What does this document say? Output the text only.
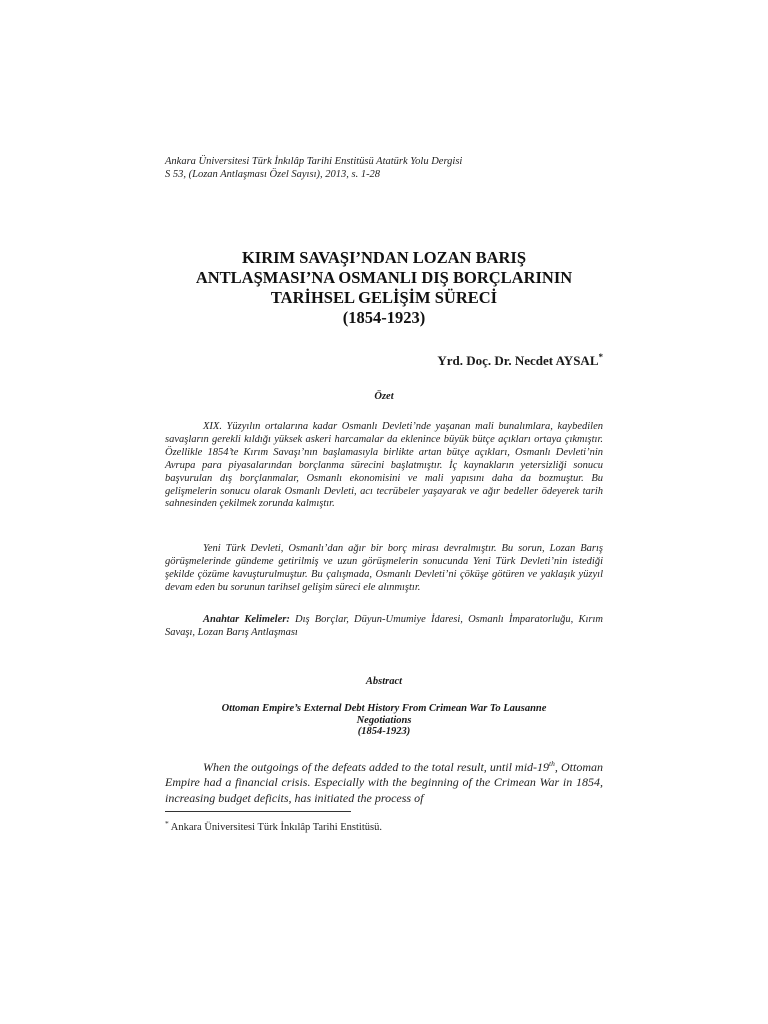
Ankara Üniversitesi Türk İnkılâp Tarihi Enstitüsü Atatürk Yolu Dergisi
S 53, (Lozan Antlaşması Özel Sayısı), 2013, s. 1-28
KIRIM SAVAŞI’NDAN LOZAN BARIŞ
ANTLAŞMASI’NA OSMANLI DIŞ BORÇLARININ
TARİHSEL GELİŞİM SÜRECİ
(1854-1923)
Yrd. Doç. Dr. Necdet AYSAL*
Özet

XIX. Yüzyılın ortalarına kadar Osmanlı Devleti’nde yaşanan mali bunalımlara, kaybedilen savaşların gerekli kıldığı yüksek askeri harcamalar da eklenince büyük bütçe açıkları ortaya çıkmıştır. Özellikle 1854’te Kırım Savaşı’nın başlamasıyla birlikte artan bütçe açıkları, Osmanlı Devleti’nin Avrupa para piyasalarından borçlanma sürecini başlatmıştır. İç kaynakların yetersizliği sonucu başvurulan dış borçlanmalar, Osmanlı ekonomisini ve mali yapısını daha da bozmuştur. Bu gelişmelerin sonucu olarak Osmanlı Devleti, acı tecrübeler yaşayarak ve ağır bedeller ödeyerek tarih sahnesinden çekilmek zorunda kalmıştır.

Yeni Türk Devleti, Osmanlı’dan ağır bir borç mirası devralmıştır. Bu sorun, Lozan Barış görüşmelerinde gündeme getirilmiş ve uzun görüşmelerin sonucunda Yeni Türk Devleti’nin istediği şekilde çözüme kavuşturulmuştur. Bu çalışmada, Osmanlı Devleti’ni çöküşe götüren ve yaklaşık yüzyıl devam eden bu sorunun tarihsel gelişim süreci ele alınmıştır.

Anahtar Kelimeler: Dış Borçlar, Düyun-Umumiye İdaresi, Osmanlı İmparatorluğu, Kırım Savaşı, Lozan Barış Antlaşması

Abstract
Ottoman Empire’s External Debt History From Crimean War To Lausanne
Negotiations
(1854-1923)

When the outgoings of the defeats added to the total result, until mid-19th, Ottoman Empire had a financial crisis. Especially with the beginning of the Crimean War in 1854, increasing budget deficits, has initiated the process of

* Ankara Üniversitesi Türk İnkılâp Tarihi Enstitüsü.
